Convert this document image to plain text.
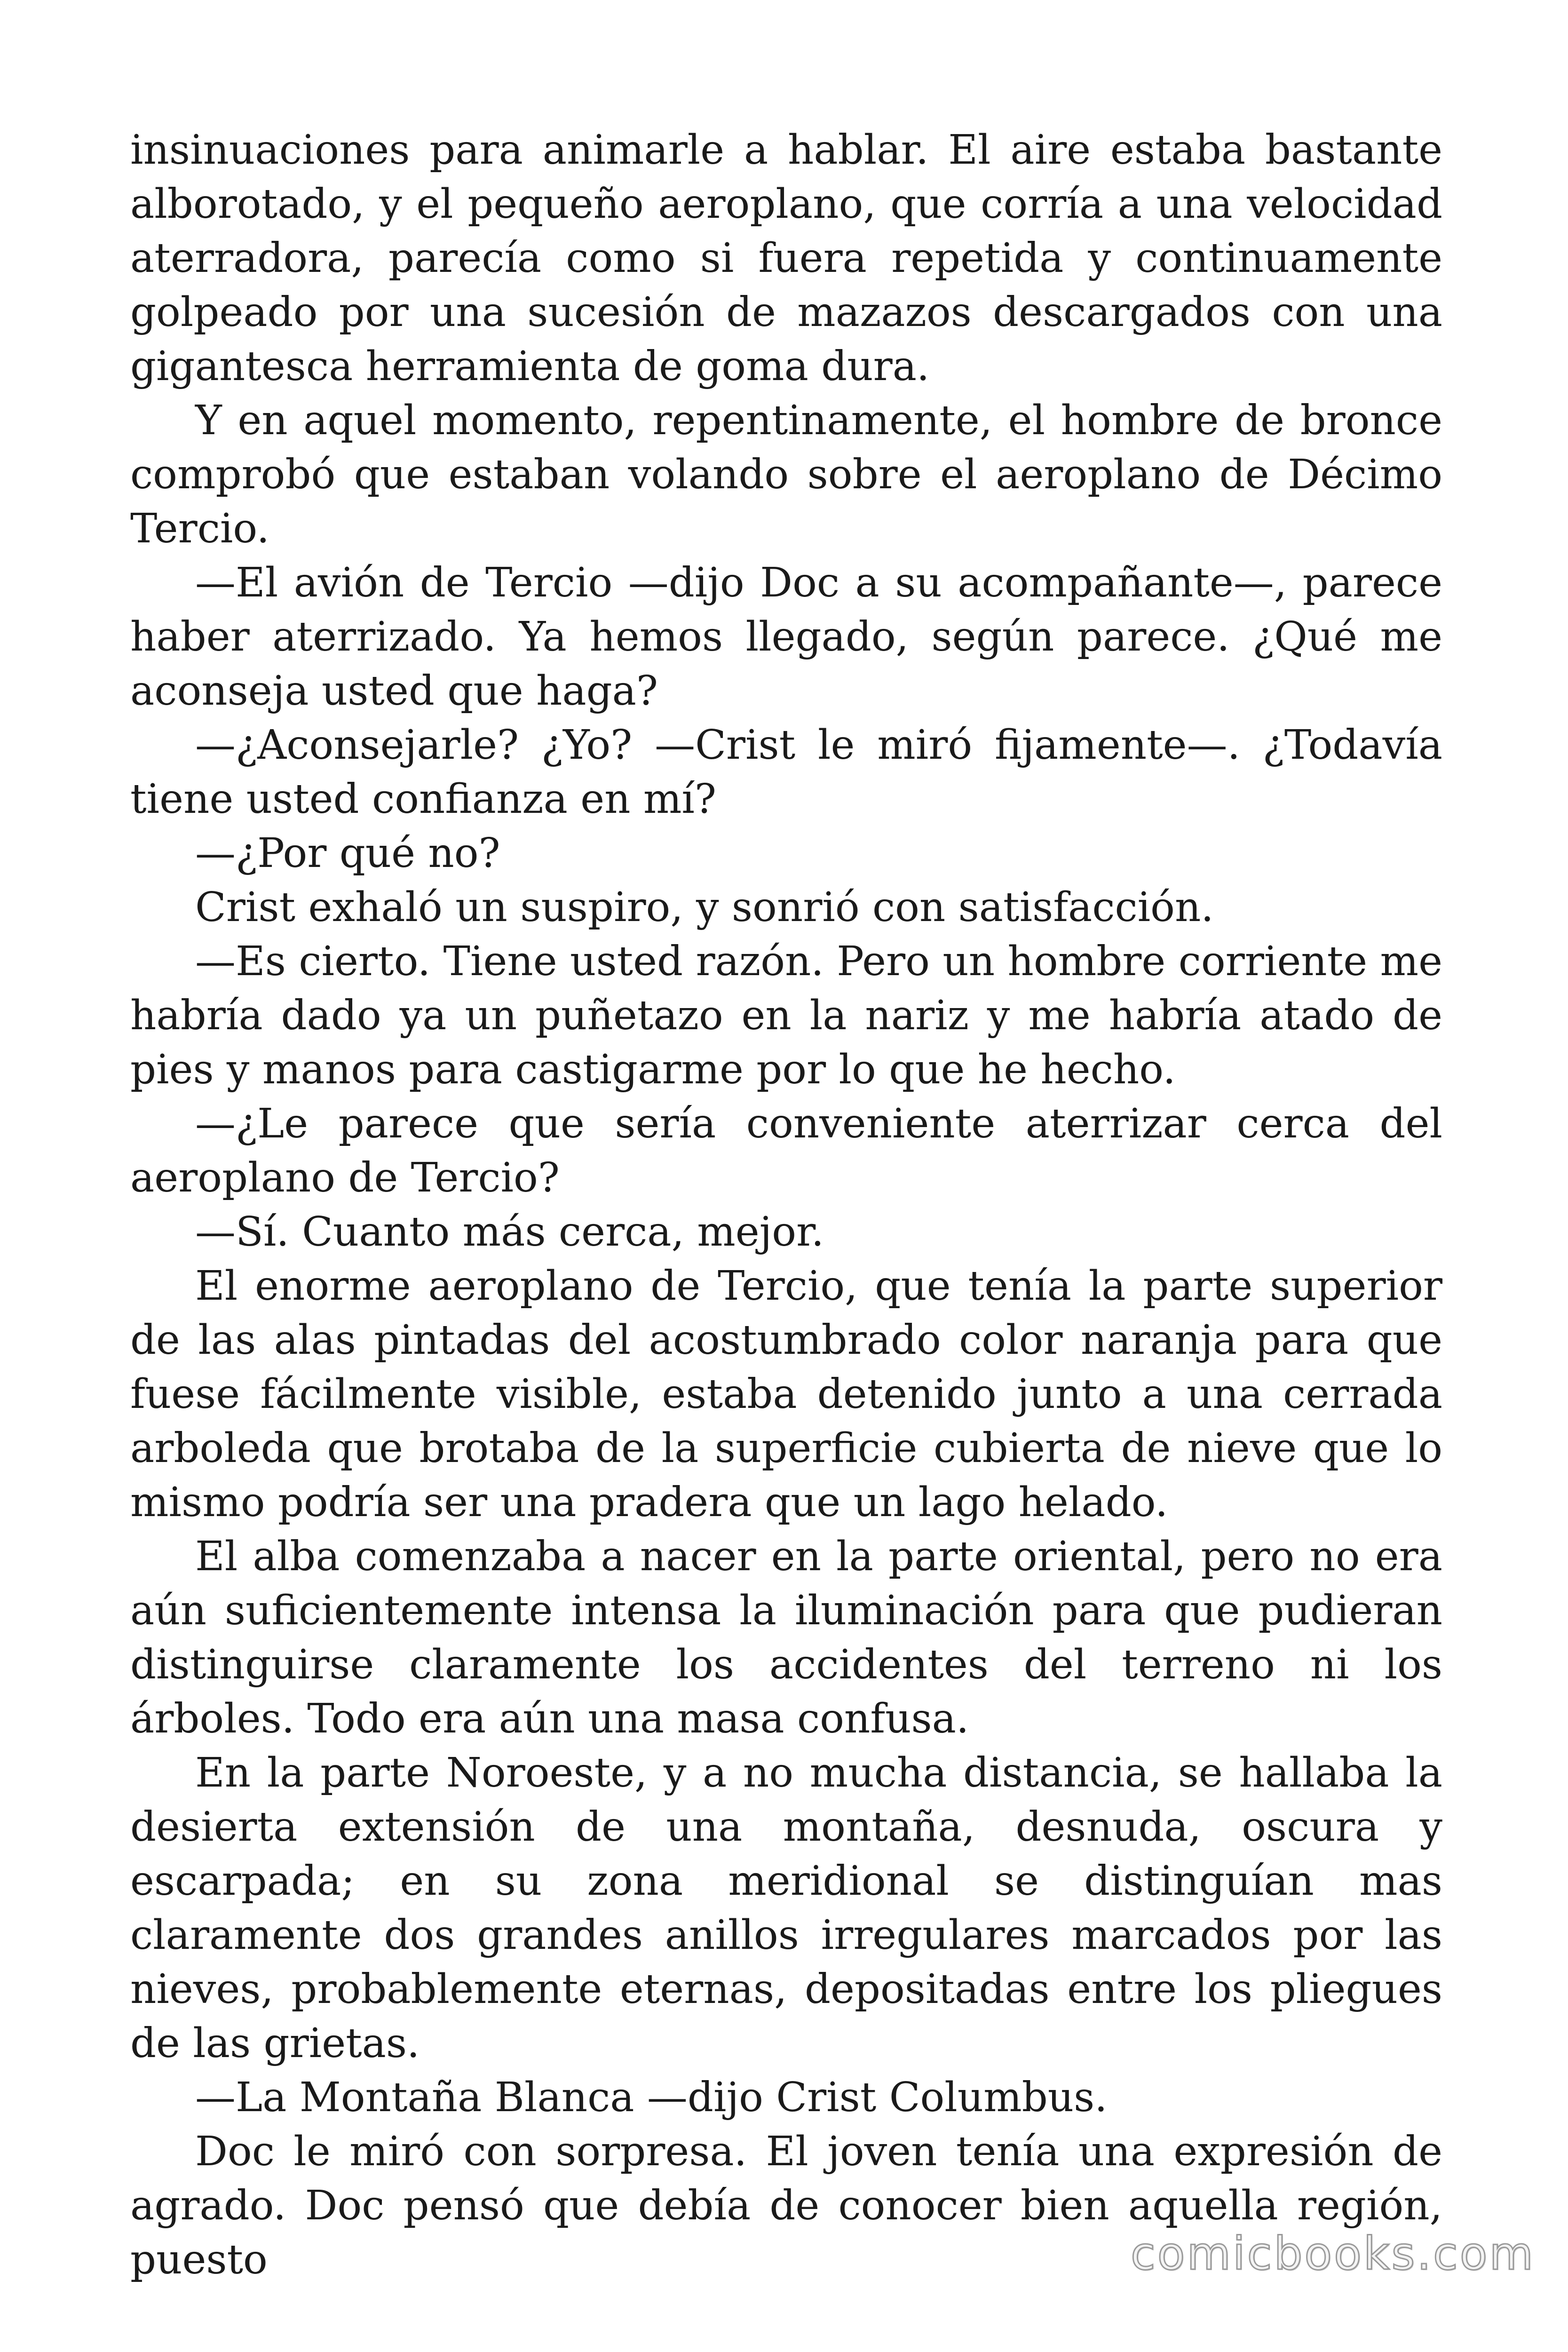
insinuaciones para animarle a hablar. El aire estaba bastante alborotado, y el pequeño aeroplano, que corría a una velocidad aterradora, parecía como si fuera repetida y continuamente golpeado por una sucesión de mazazos descargados con una gigantesca herramienta de goma dura.

Y en aquel momento, repentinamente, el hombre de bronce comprobó que estaban volando sobre el aeroplano de Décimo Tercio.

—El avión de Tercio —dijo Doc a su acompañante—, parece haber aterrizado. Ya hemos llegado, según parece. ¿Qué me aconseja usted que haga?

—¿Aconsejarle? ¿Yo? —Crist le miró fijamente—. ¿Todavía tiene usted confianza en mí?

—¿Por qué no?

Crist exhaló un suspiro, y sonrió con satisfacción.

—Es cierto. Tiene usted razón. Pero un hombre corriente me habría dado ya un puñetazo en la nariz y me habría atado de pies y manos para castigarme por lo que he hecho.

—¿Le parece que sería conveniente aterrizar cerca del aeroplano de Tercio?

—Sí. Cuanto más cerca, mejor.

El enorme aeroplano de Tercio, que tenía la parte superior de las alas pintadas del acostumbrado color naranja para que fuese fácilmente visible, estaba detenido junto a una cerrada arboleda que brotaba de la superficie cubierta de nieve que lo mismo podría ser una pradera que un lago helado.

El alba comenzaba a nacer en la parte oriental, pero no era aún suficientemente intensa la iluminación para que pudieran distinguirse claramente los accidentes del terreno ni los árboles. Todo era aún una masa confusa.

En la parte Noroeste, y a no mucha distancia, se hallaba la desierta extensión de una montaña, desnuda, oscura y escarpada; en su zona meridional se distinguían mas claramente dos grandes anillos irregulares marcados por las nieves, probablemente eternas, depositadas entre los pliegues de las grietas.

—La Montaña Blanca —dijo Crist Columbus.

Doc le miró con sorpresa. El joven tenía una expresión de agrado. Doc pensó que debía de conocer bien aquella región, puesto	comicbooks.com
